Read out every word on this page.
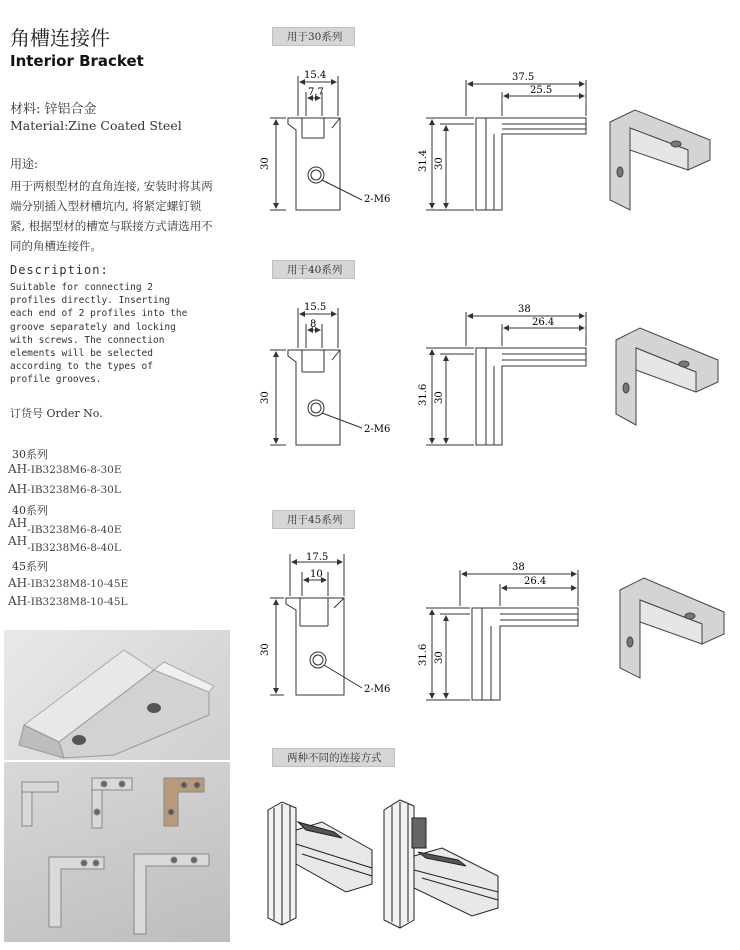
角槽连接件
Interior Bracket
材料: 锌铝合金
Material:Zine Coated Steel
用途:
用于两根型材的直角连接, 安装时将其两端分别插入型材槽坑内, 将紧定螺钉锁紧, 根据型材的槽宽与联接方式请选用不同的角槽连接件。
Description:
Suitable for connecting 2
profiles directly. Inserting
each end of 2 profiles into the
groove separately and locking
with screws. The connection
elements will be selected
according to the types of
profile grooves.
订货号 Order No.
30系列
AH-IB3238M6-8-30E
AH-IB3238M6-8-30L
40系列
AH-IB3238M6-8-40E
AH-IB3238M6-8-40L
45系列
AH-IB3238M8-10-45E
AH-IB3238M8-10-45L
用于30系列
用于40系列
用于45系列
两种不同的连接方式
15.4
7.7
30
2-M6
37.5
25.5
31.4 30
15.5
8
30
2-M6
38
26.4
31.6 30
17.5
10
30
2-M6
38
26.4
31.6 30
